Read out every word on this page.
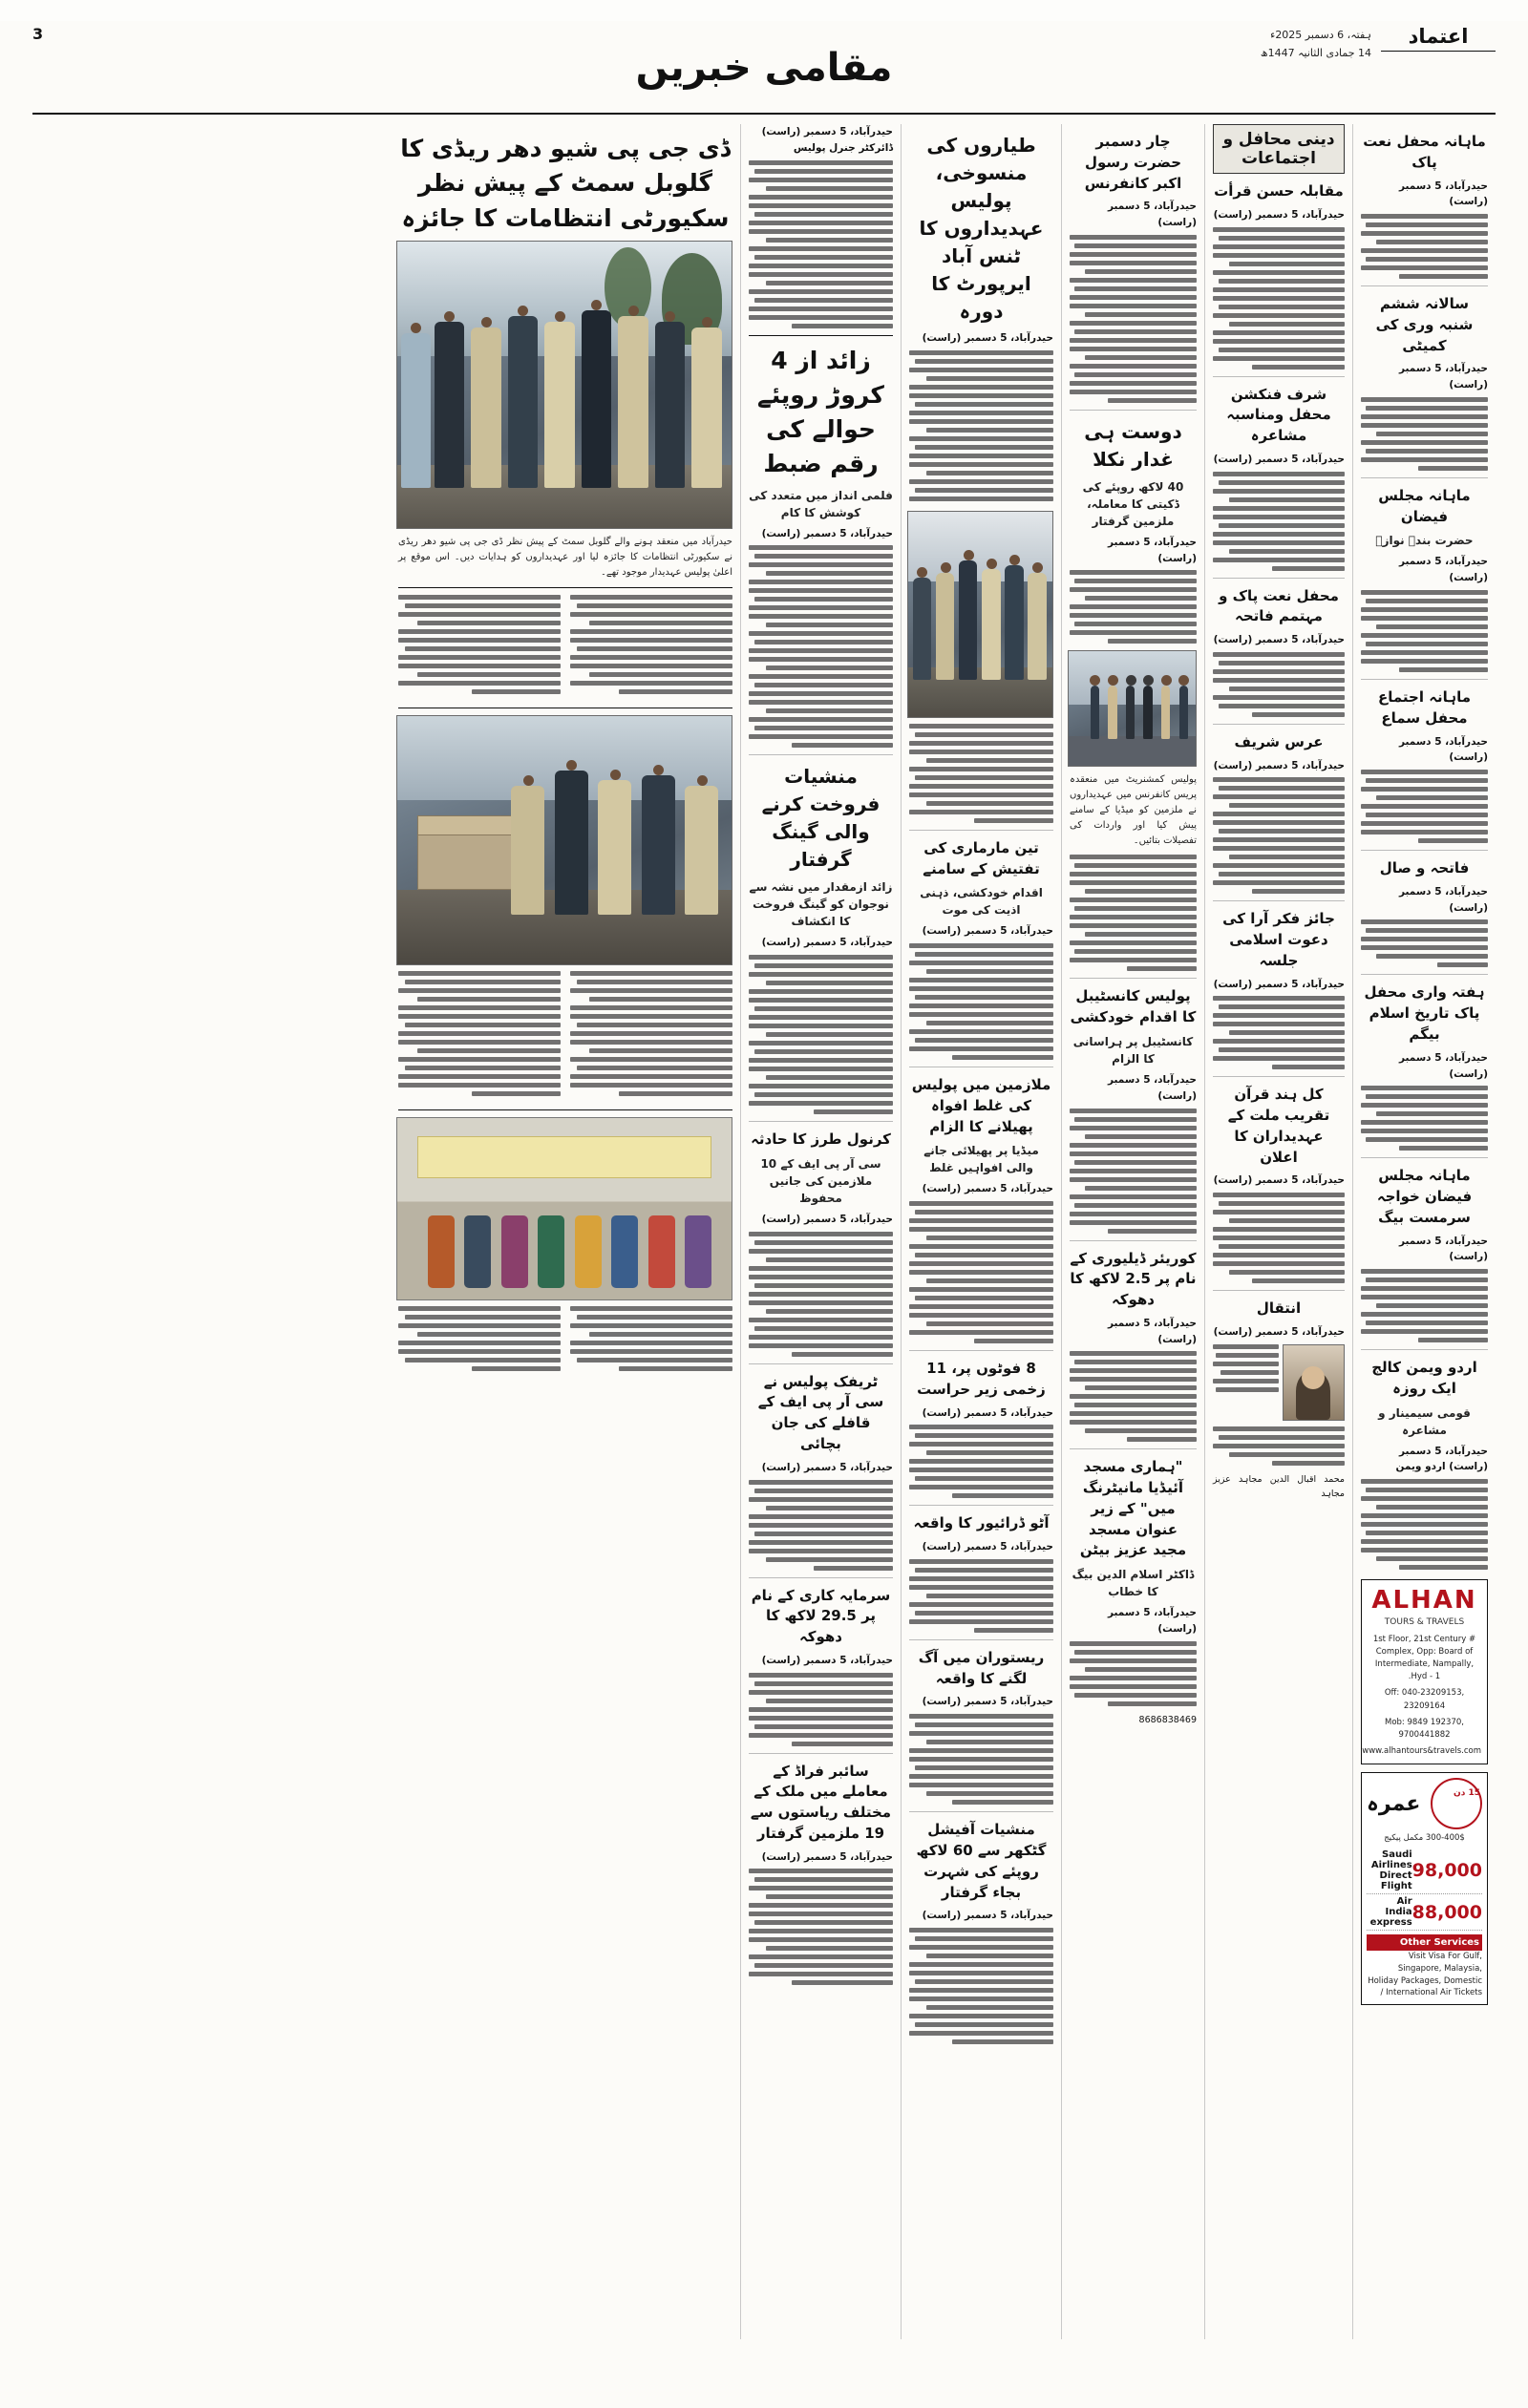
اعتماد
3	ہفتہ، 6 دسمبر 2025ء
14 جمادی الثانیہ 1447ھ
مقامی خبریں
ماہانہ محفل نعت پاک
حیدرآباد، 5 دسمبر (راست)
سالانہ ششم شنبہ وری کی کمیٹی
حیدرآباد، 5 دسمبر (راست)
ماہانہ مجلس فیضان
حضرت بندے نوازؒ
حیدرآباد، 5 دسمبر (راست)
ماہانہ اجتماع محفل سماع
حیدرآباد، 5 دسمبر (راست)
فاتحہ و صال
حیدرآباد، 5 دسمبر (راست)
ہفتہ واری محفل پاک تاریخ اسلام بیگم
حیدرآباد، 5 دسمبر (راست)
ماہانہ مجلس فیضان خواجہ سرمست بیگ
حیدرآباد، 5 دسمبر (راست)
اردو ویمن کالج ایک روزہ
قومی سیمینار و مشاعرہ
حیدرآباد، 5 دسمبر (راست) اردو ویمن
ALHAN
TOURS & TRAVELS
# 1st Floor, 21st Century Complex, Opp: Board of Intermediate, Nampally, Hyd - 1.
Off: 040-23209153, 23209164
Mob: 9849 192370, 9700441882
www.alhantours&travels.com
15 دن
عمرہ
300-400$ مکمل پیکیج
98,000
Saudi Airlines Direct Flight
88,000
Air India express
Other Services
Visit Visa For Gulf, Singapore, Malaysia, Holiday Packages, Domestic / International Air Tickets
دینی محافل و اجتماعات
مقابلہ حسن قرأت
حیدرآباد، 5 دسمبر (راست)
شرف فنکشن محفل ومناسبہ مشاعرہ
حیدرآباد، 5 دسمبر (راست)
محفل نعت پاک و مہتمم فاتحہ
حیدرآباد، 5 دسمبر (راست)
عرس شریف
حیدرآباد، 5 دسمبر (راست)
جائز فکر آرا کی دعوت اسلامی جلسہ
حیدرآباد، 5 دسمبر (راست)
کل ہند قرآن تقریب ملت کے عہدیداران کا اعلان
حیدرآباد، 5 دسمبر (راست)
انتقال
حیدرآباد، 5 دسمبر (راست)
محمد اقبال الدین مجاہد عزیز مجاہد
چار دسمبر حضرت رسول اکبر کانفرنس
حیدرآباد، 5 دسمبر (راست)
دوست ہی غدار نکلا
40 لاکھ روپئے کی ڈکیتی کا معاملہ، ملزمین گرفتار
حیدرآباد، 5 دسمبر (راست)
پولیس کمشنریٹ میں منعقدہ پریس کانفرنس میں عہدیداروں نے ملزمین کو میڈیا کے سامنے پیش کیا اور واردات کی تفصیلات بتائیں۔
پولیس کانسٹیبل کا اقدام خودکشی
کانسٹیبل پر ہراسانی کا الزام
حیدرآباد، 5 دسمبر (راست)
کوریئر ڈیلیوری کے نام پر 2.5 لاکھ کا دھوکہ
حیدرآباد، 5 دسمبر (راست)
"ہماری مسجد آئیڈیا مانیٹرنگ میں" کے زیر عنوان مسجد مجید عزیز بیٹن
ڈاکٹر اسلام الدین بیگ کا خطاب
حیدرآباد، 5 دسمبر (راست)
8686838469
طیاروں کی منسوخی، پولیس عہدیداروں کا ٹنس آباد ایرپورٹ کا دورہ
حیدرآباد، 5 دسمبر (راست)
تین مارماری کی تفتیش کے سامنے
اقدام خودکشی، ذہنی اذیت کی موت
حیدرآباد، 5 دسمبر (راست)
ملازمین میں پولیس کی غلط افواہ پھیلانے کا الزام
میڈیا پر پھیلائی جانے والی افواہیں غلط
حیدرآباد، 5 دسمبر (راست)
8 فوٹوں پر، 11 زخمی زیر حراست
حیدرآباد، 5 دسمبر (راست)
آٹو ڈرائیور کا واقعہ
حیدرآباد، 5 دسمبر (راست)
ریستوران میں آگ لگنے کا واقعہ
حیدرآباد، 5 دسمبر (راست)
منشیات آفیشل گٹکھر سے 60 لاکھ روپئے کی شہرت بجاء گرفتار
حیدرآباد، 5 دسمبر (راست)
حیدرآباد، 5 دسمبر (راست) ڈائرکٹر جنرل پولیس
زائد از 4 کروڑ روپئے حوالے کی رقم ضبط
فلمی انداز میں متعدد کی کوشش کا کام
حیدرآباد، 5 دسمبر (راست)
منشیات فروخت کرنے والی گینگ گرفتار
زائد ازمقدار میں نشہ سے نوجوان کو گینگ فروخت کا انکشاف
حیدرآباد، 5 دسمبر (راست)
کرنول طرز کا حادثہ
سی آر پی ایف کے 10 ملازمین کی جانیں محفوظ
حیدرآباد، 5 دسمبر (راست)
ٹریفک پولیس نے سی آر پی ایف کے قافلے کی جان بچائی
حیدرآباد، 5 دسمبر (راست)
سرمایہ کاری کے نام پر 29.5 لاکھ کا دھوکہ
حیدرآباد، 5 دسمبر (راست)
سائبر فراڈ کے معاملے میں ملک کے مختلف ریاستوں سے 19 ملزمین گرفتار
حیدرآباد، 5 دسمبر (راست)
ڈی جی پی شیو دھر ریڈی کا گلوبل سمٹ کے پیش نظر سکیورٹی انتظامات کا جائزہ
حیدرآباد میں منعقد ہونے والے گلوبل سمٹ کے پیش نظر ڈی جی پی شیو دھر ریڈی نے سکیورٹی انتظامات کا جائزہ لیا اور عہدیداروں کو ہدایات دیں۔ اس موقع پر اعلیٰ پولیس عہدیدار موجود تھے۔
